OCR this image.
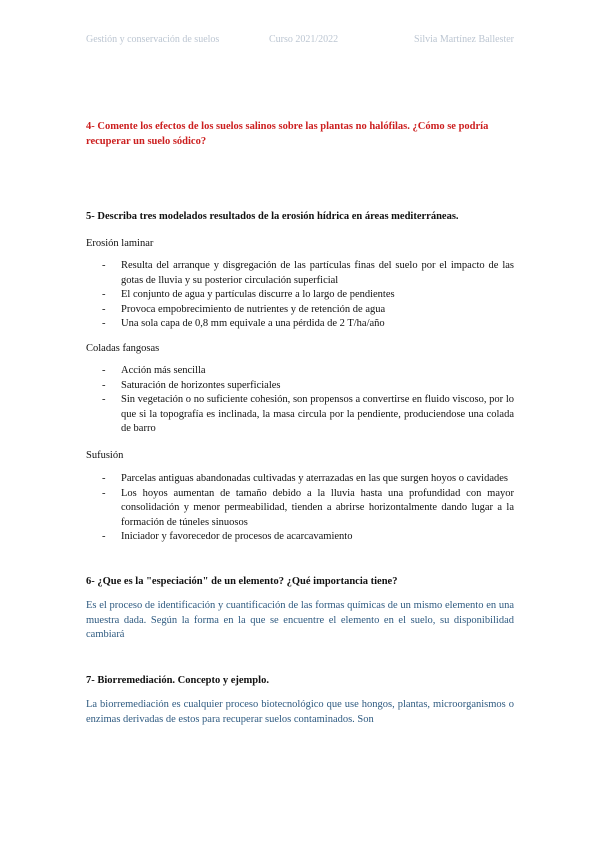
Gestión y conservación de suelos	Curso 2021/2022	Silvia Martínez Ballester

4- Comente los efectos de los suelos salinos sobre las plantas no halófilas. ¿Cómo se podría recuperar un suelo sódico?

5- Describa tres modelados resultados de la erosión hídrica en áreas mediterráneas.

Erosión laminar

- Resulta del arranque y disgregación de las partículas finas del suelo por el impacto de las gotas de lluvia y su posterior circulación superficial
- El conjunto de agua y partículas discurre a lo largo de pendientes
- Provoca empobrecimiento de nutrientes y de retención de agua
- Una sola capa de 0,8 mm equivale a una pérdida de 2 T/ha/año

Coladas fangosas

- Acción más sencilla
- Saturación de horizontes superficiales
- Sin vegetación o no suficiente cohesión, son propensos a convertirse en fluido viscoso, por lo que si la topografía es inclinada, la masa circula por la pendiente, produciendose una colada de barro

Sufusión

- Parcelas antiguas abandonadas cultivadas y aterrazadas en las que surgen hoyos o cavidades
- Los hoyos aumentan de tamaño debido a la lluvia hasta una profundidad con mayor consolidación y menor permeabilidad, tienden a abrirse horizontalmente dando lugar a la formación de túneles sinuosos
- Iniciador y favorecedor de procesos de acarcavamiento

6- ¿Que es la "especiación" de un elemento? ¿Qué importancia tiene?

Es el proceso de identificación y cuantificación de las formas químicas de un mismo elemento en una muestra dada. Según la forma en la que se encuentre el elemento en el suelo, su disponibilidad cambiará

7- Biorremediación. Concepto y ejemplo.

La biorremediación es cualquier proceso biotecnológico que use hongos, plantas, microorganismos o enzimas derivadas de estos para recuperar suelos contaminados. Son
